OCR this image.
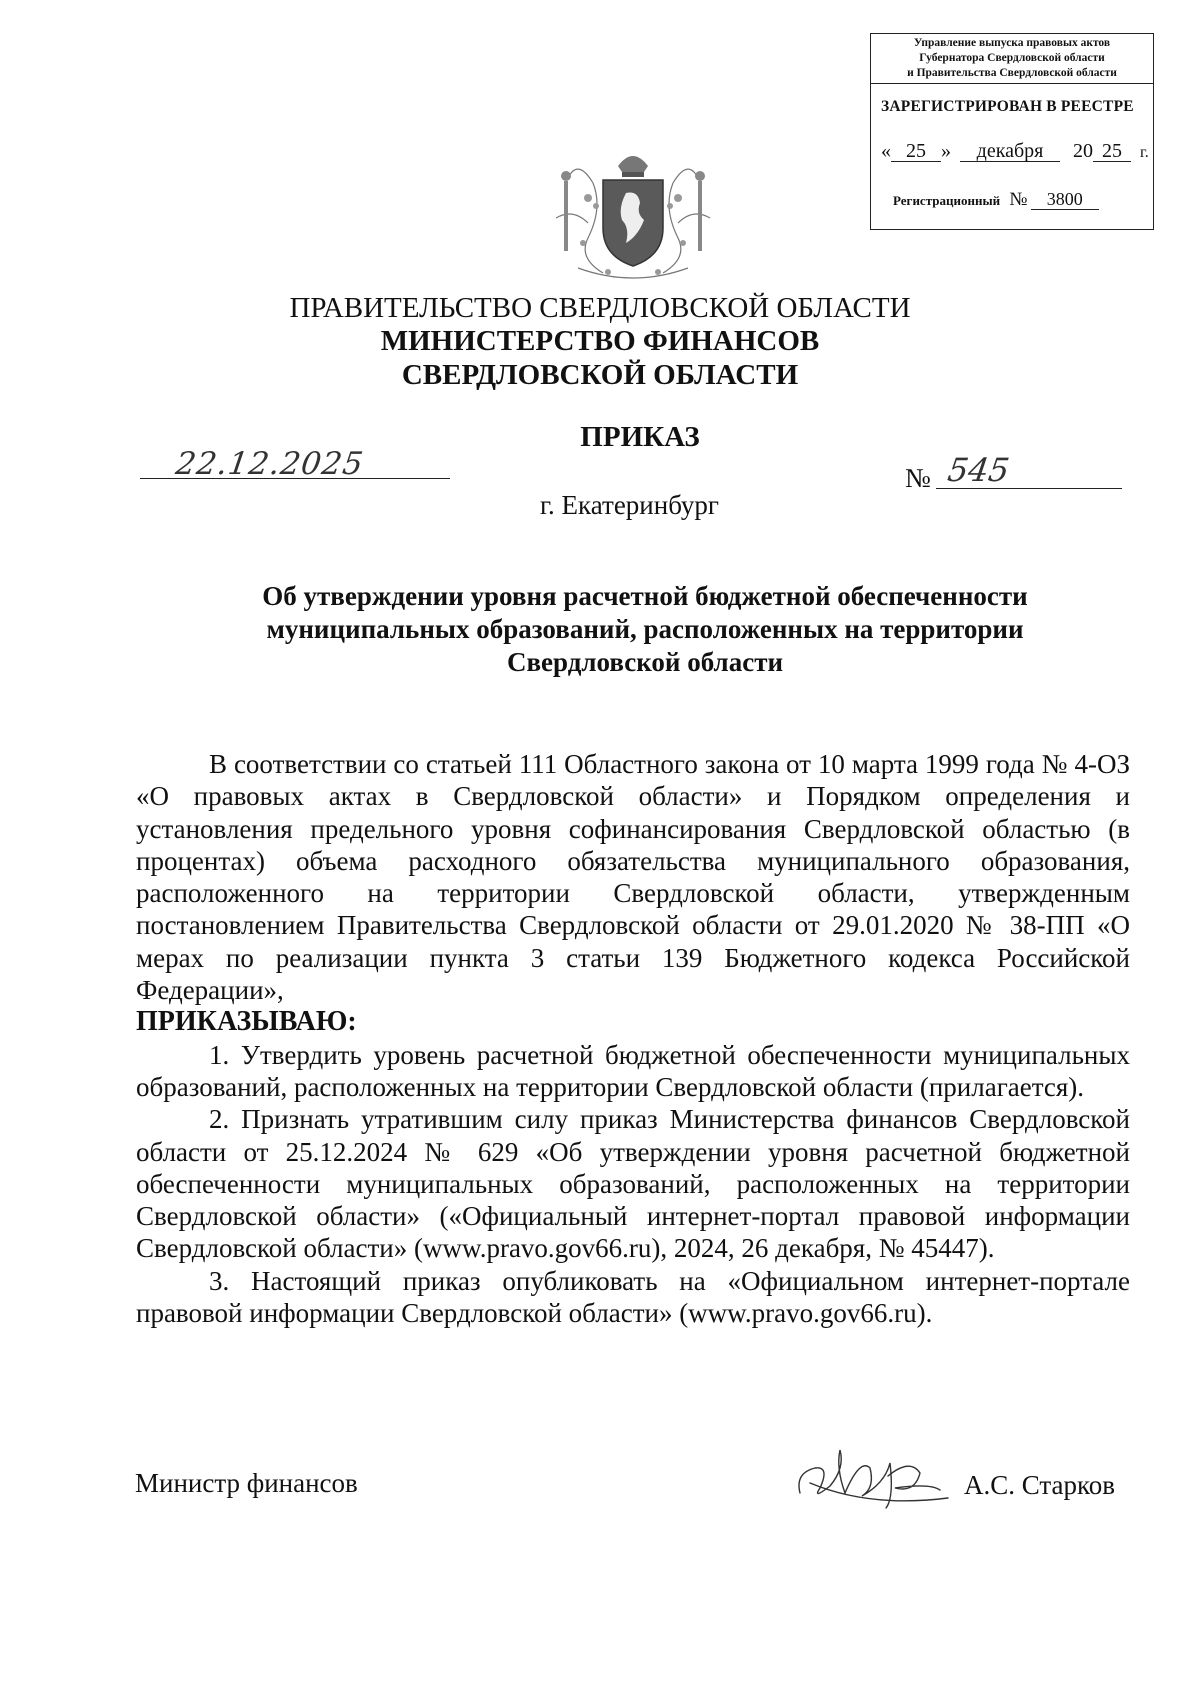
Управление выпуска правовых актов
Губернатора Свердловской области
и Правительства Свердловской области
ЗАРЕГИСТРИРОВАН В РЕЕСТРЕ
« 25 » декабря 20 25 г.
Регистрационный № 3800
ПРАВИТЕЛЬСТВО СВЕРДЛОВСКОЙ ОБЛАСТИ
МИНИСТЕРСТВО ФИНАНСОВ
СВЕРДЛОВСКОЙ ОБЛАСТИ
ПРИКАЗ
22.12.2025	№ 545
г. Екатеринбург
Об утверждении уровня расчетной бюджетной обеспеченности
муниципальных образований, расположенных на территории
Свердловской области

В соответствии со статьей 111 Областного закона от 10 марта 1999 года № 4-ОЗ «О правовых актах в Свердловской области» и Порядком определения и установления предельного уровня софинансирования Свердловской областью (в процентах) объема расходного обязательства муниципального образования, расположенного на территории Свердловской области, утвержденным постановлением Правительства Свердловской области от 29.01.2020 № 38-ПП «О мерах по реализации пункта 3 статьи 139 Бюджетного кодекса Российской Федерации»,

ПРИКАЗЫВАЮ:

1. Утвердить уровень расчетной бюджетной обеспеченности муниципальных образований, расположенных на территории Свердловской области (прилагается).

2. Признать утратившим силу приказ Министерства финансов Свердловской области от 25.12.2024 № 629 «Об утверждении уровня расчетной бюджетной обеспеченности муниципальных образований, расположенных на территории Свердловской области» («Официальный интернет-портал правовой информации Свердловской области» (www.pravo.gov66.ru), 2024, 26 декабря, № 45447).

3. Настоящий приказ опубликовать на «Официальном интернет-портале правовой информации Свердловской области» (www.pravo.gov66.ru).

Министр финансов	А.С. Старков
